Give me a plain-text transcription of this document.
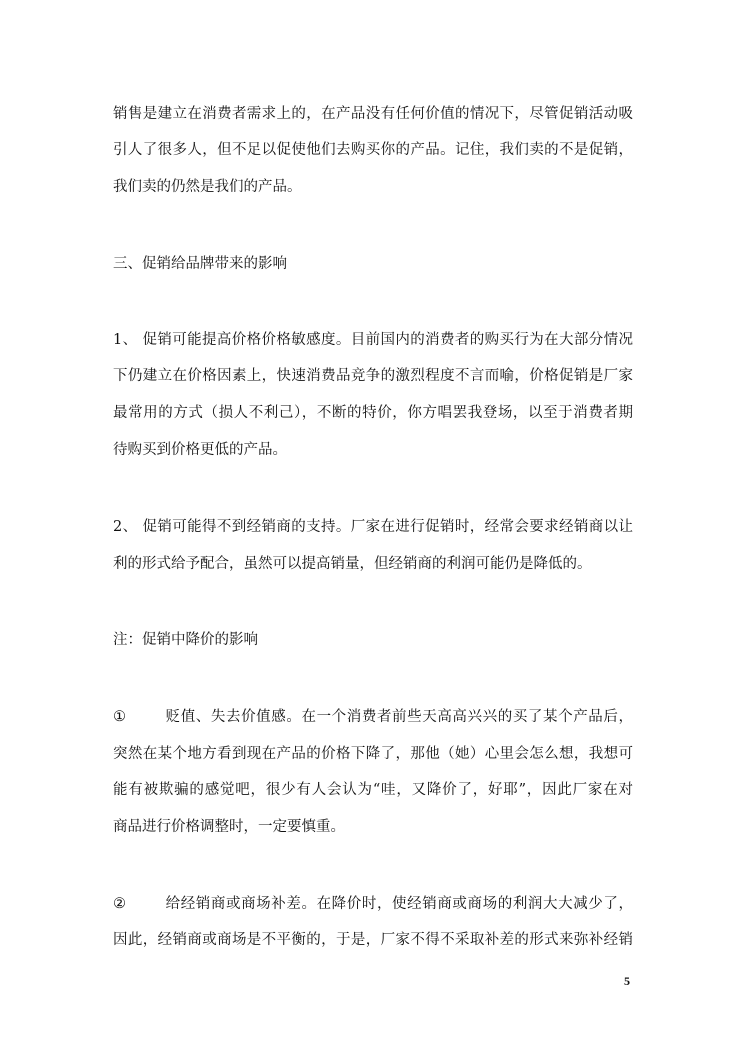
销售是建立在消费者需求上的，在产品没有任何价值的情况下，尽管促销活动吸
引人了很多人，但不足以促使他们去购买你的产品。记住，我们卖的不是促销，
我们卖的仍然是我们的产品。
三、促销给品牌带来的影响
1、 促销可能提高价格价格敏感度。目前国内的消费者的购买行为在大部分情况
下仍建立在价格因素上，快速消费品竞争的激烈程度不言而喻，价格促销是厂家
最常用的方式（损人不利己），不断的特价，你方唱罢我登场，以至于消费者期
待购买到价格更低的产品。
2、 促销可能得不到经销商的支持。厂家在进行促销时，经常会要求经销商以让
利的形式给予配合，虽然可以提高销量，但经销商的利润可能仍是降低的。
注：促销中降价的影响
①	贬值、失去价值感。在一个消费者前些天高高兴兴的买了某个产品后，
突然在某个地方看到现在产品的价格下降了，那他（她）心里会怎么想，我想可
能有被欺骗的感觉吧，很少有人会认为“哇，又降价了，好耶”，因此厂家在对
商品进行价格调整时，一定要慎重。
②	给经销商或商场补差。在降价时，使经销商或商场的利润大大减少了，
因此，经销商或商场是不平衡的，于是，厂家不得不采取补差的形式来弥补经销
5
